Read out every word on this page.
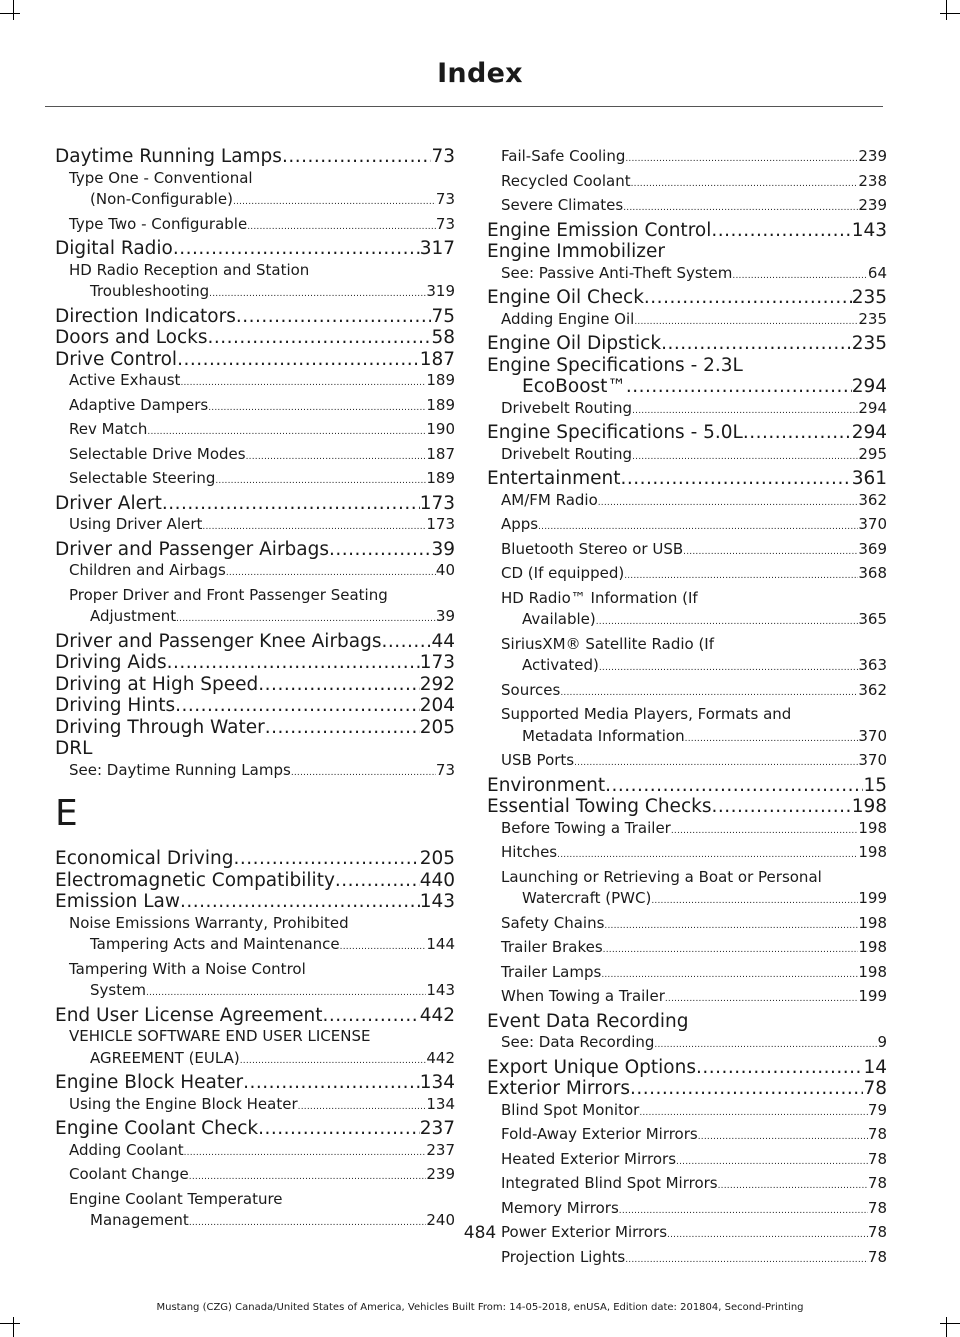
Index
Daytime Running Lamps .....	73
Type One - Conventional
(Non-Configurable) .....	73
Type Two - Configurable .....	73
Digital Radio .....	317
HD Radio Reception and Station
Troubleshooting .....	319
Direction Indicators .....	75
Doors and Locks .....	58
Drive Control .....	187
Active Exhaust .....	189
Adaptive Dampers .....	189
Rev Match .....	190
Selectable Drive Modes .....	187
Selectable Steering .....	189
Driver Alert .....	173
Using Driver Alert .....	173
Driver and Passenger Airbags .....	39
Children and Airbags .....	40
Proper Driver and Front Passenger Seating
Adjustment .....	39
Driver and Passenger Knee Airbags .....	44
Driving Aids .....	173
Driving at High Speed .....	292
Driving Hints .....	204
Driving Through Water .....	205
DRL
See: Daytime Running Lamps .....	73
E
Economical Driving .....	205
Electromagnetic Compatibility .....	440
Emission Law .....	143
Noise Emissions Warranty, Prohibited
Tampering Acts and Maintenance .....	144
Tampering With a Noise Control
System .....	143
End User License Agreement .....	442
VEHICLE SOFTWARE END USER LICENSE
AGREEMENT (EULA) .....	442
Engine Block Heater .....	134
Using the Engine Block Heater .....	134
Engine Coolant Check .....	237
Adding Coolant .....	237
Coolant Change .....	239
Engine Coolant Temperature
Management .....	240
Fail-Safe Cooling .....	239
Recycled Coolant .....	238
Severe Climates .....	239
Engine Emission Control .....	143
Engine Immobilizer
See: Passive Anti-Theft System .....	64
Engine Oil Check .....	235
Adding Engine Oil .....	235
Engine Oil Dipstick .....	235
Engine Specifications - 2.3L
EcoBoost™ .....	294
Drivebelt Routing .....	294
Engine Specifications - 5.0L .....	294
Drivebelt Routing .....	295
Entertainment .....	361
AM/FM Radio .....	362
Apps .....	370
Bluetooth Stereo or USB .....	369
CD (If equipped) .....	368
HD Radio™ Information (If
Available) .....	365
SiriusXM® Satellite Radio (If
Activated) .....	363
Sources .....	362
Supported Media Players, Formats and
Metadata Information .....	370
USB Ports .....	370
Environment .....	15
Essential Towing Checks .....	198
Before Towing a Trailer .....	198
Hitches .....	198
Launching or Retrieving a Boat or Personal
Watercraft (PWC) .....	199
Safety Chains .....	198
Trailer Brakes .....	198
Trailer Lamps .....	198
When Towing a Trailer .....	199
Event Data Recording
See: Data Recording .....	9
Export Unique Options .....	14
Exterior Mirrors .....	78
Blind Spot Monitor .....	79
Fold-Away Exterior Mirrors .....	78
Heated Exterior Mirrors .....	78
Integrated Blind Spot Mirrors .....	78
Memory Mirrors .....	78
Power Exterior Mirrors .....	78
Projection Lights .....	78
484
Mustang (CZG) Canada/United States of America, Vehicles Built From: 14-05-2018, enUSA, Edition date: 201804, Second-Printing
